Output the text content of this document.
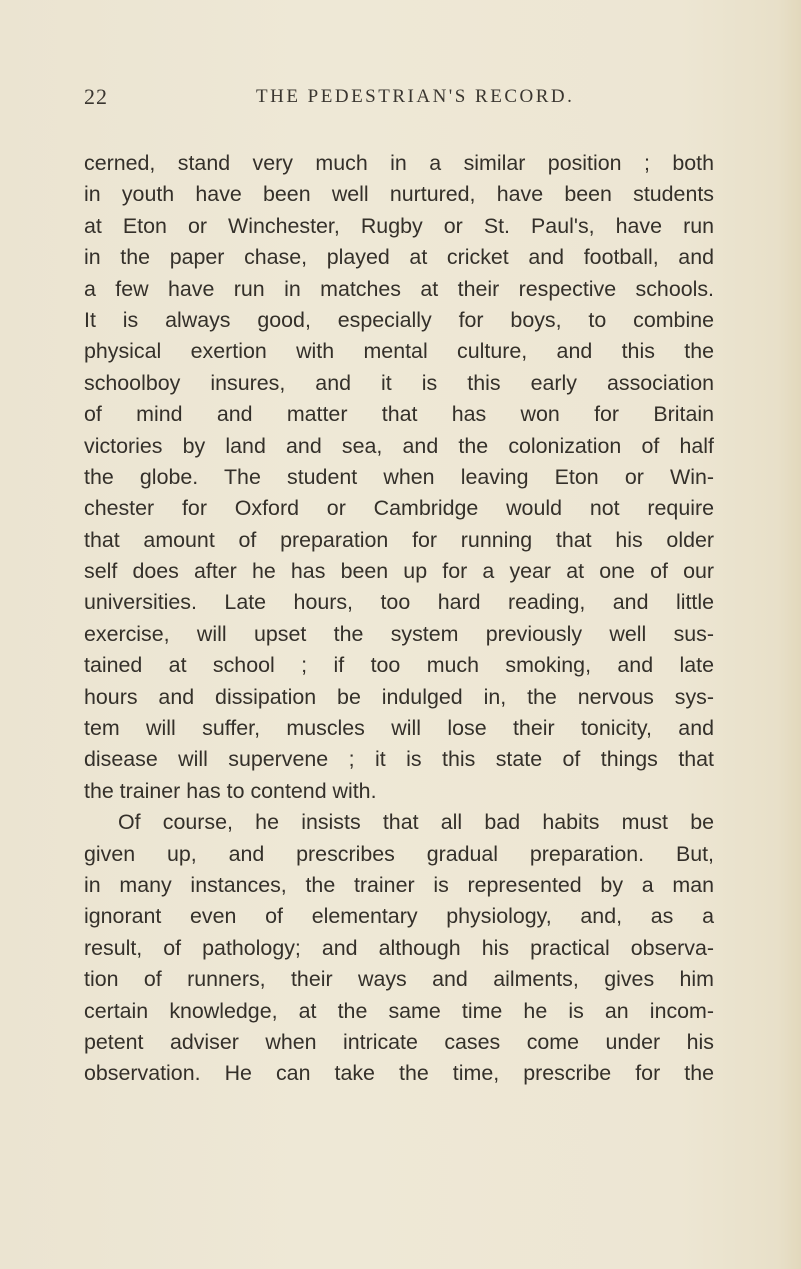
22	THE PEDESTRIAN'S RECORD.
cerned, stand very much in a similar position ; both
in youth have been well nurtured, have been students
at Eton or Winchester, Rugby or St. Paul's, have run
in the paper chase, played at cricket and football, and
a few have run in matches at their respective schools.
It is always good, especially for boys, to combine
physical exertion with mental culture, and this the
schoolboy insures, and it is this early association
of mind and matter that has won for Britain
victories by land and sea, and the colonization of half
the globe. The student when leaving Eton or Win-
chester for Oxford or Cambridge would not require
that amount of preparation for running that his older
self does after he has been up for a year at one of our
universities. Late hours, too hard reading, and little
exercise, will upset the system previously well sus-
tained at school ; if too much smoking, and late
hours and dissipation be indulged in, the nervous sys-
tem will suffer, muscles will lose their tonicity, and
disease will supervene ; it is this state of things that
the trainer has to contend with.
Of course, he insists that all bad habits must be
given up, and prescribes gradual preparation. But,
in many instances, the trainer is represented by a man
ignorant even of elementary physiology, and, as a
result, of pathology; and although his practical observa-
tion of runners, their ways and ailments, gives him
certain knowledge, at the same time he is an incom-
petent adviser when intricate cases come under his
observation. He can take the time, prescribe for the
